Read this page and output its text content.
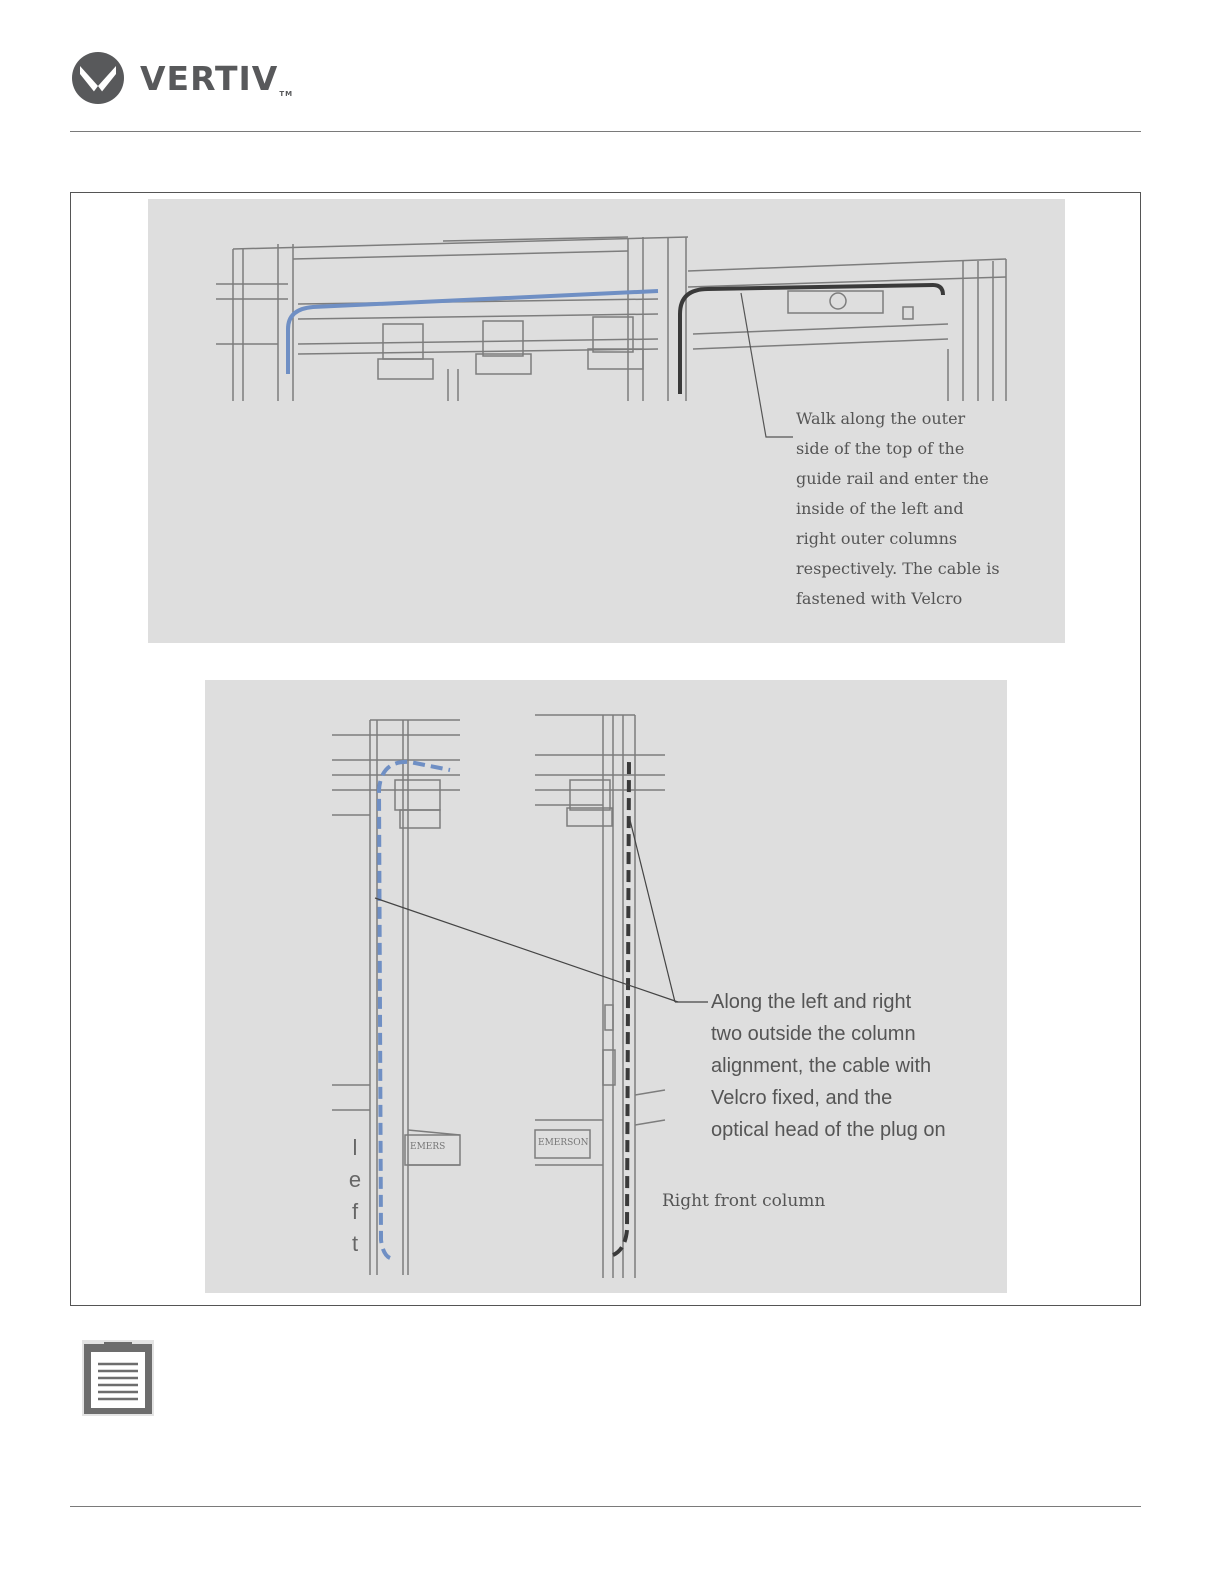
VERTIVTM
Walk along the outer
side of the top of the
guide rail and enter the
inside of the left and
right outer columns
respectively. The cable is
fastened with Velcro
Along the left and right
two outside the column
alignment, the cable with
Velcro fixed, and the
optical head of the plug on
l
e
f
t
EMERS	EMERSON
Right front column
